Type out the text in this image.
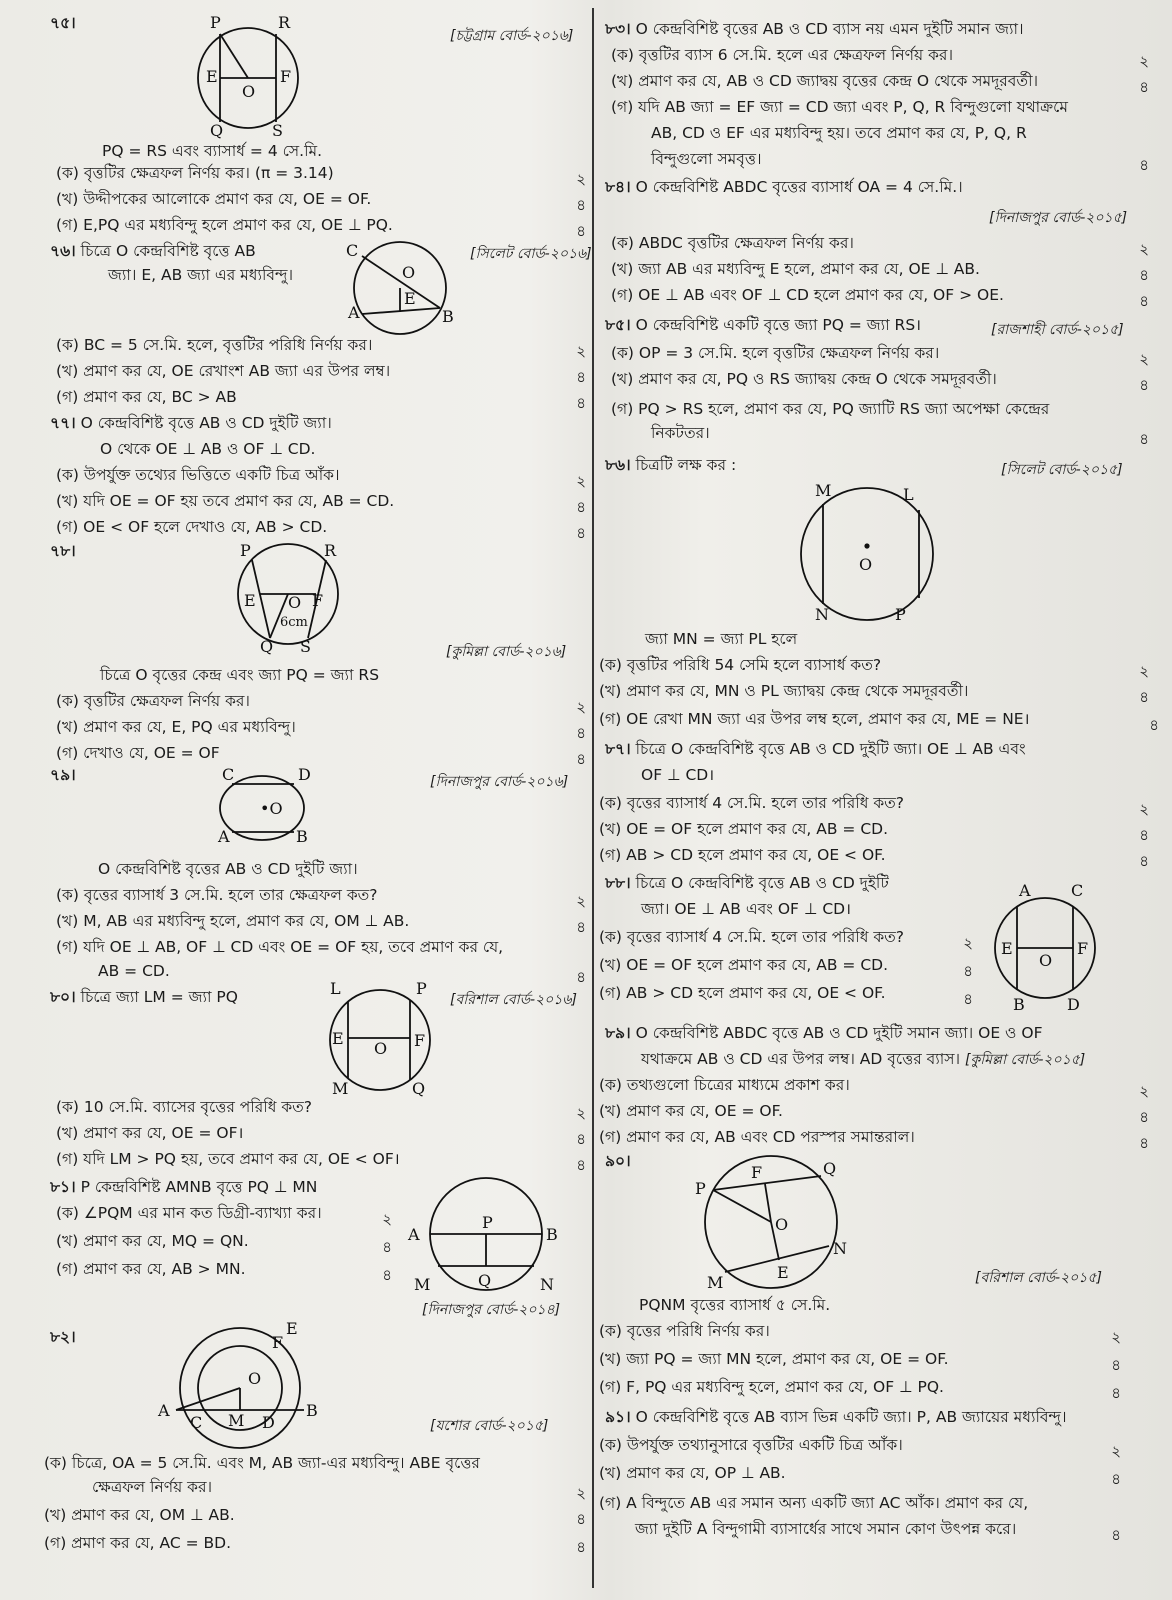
৭৫।
[চট্টগ্রাম বোর্ড-২০১৬]
P	R
E	F
O
Q	S
PQ = RS এবং ব্যাসার্ধ = 4 সে.মি.
(ক) বৃত্তটির ক্ষেত্রফল নির্ণয় কর। (π = 3.14)	২
(খ) উদ্দীপকের আলোকে প্রমাণ কর যে, OE = OF.	৪
(গ) E,PQ এর মধ্যবিন্দু হলে প্রমাণ কর যে, OE ⊥ PQ.	৪
৭৬। চিত্রে O কেন্দ্রবিশিষ্ট বৃত্তে AB
জ্যা। E, AB জ্যা এর মধ্যবিন্দু।
[সিলেট বোর্ড-২০১৬]
C
O
E
A	B
(ক) BC = 5 সে.মি. হলে, বৃত্তটির পরিধি নির্ণয় কর।	২
(খ) প্রমাণ কর যে, OE রেখাংশ AB জ্যা এর উপর লম্ব।	৪
(গ) প্রমাণ কর যে, BC > AB	৪
৭৭। O কেন্দ্রবিশিষ্ট বৃত্তে AB ও CD দুইটি জ্যা।
O থেকে OE ⊥ AB ও OF ⊥ CD.
(ক) উপর্যুক্ত তথ্যের ভিত্তিতে একটি চিত্র আঁক।	২
(খ) যদি OE = OF হয় তবে প্রমাণ কর যে, AB = CD.	৪
(গ) OE < OF হলে দেখাও যে, AB > CD.	৪
৭৮।	P	R
E O F
6cm
Q S	[কুমিল্লা বোর্ড-২০১৬]
চিত্রে O বৃত্তের কেন্দ্র এবং জ্যা PQ = জ্যা RS
(ক) বৃত্তটির ক্ষেত্রফল নির্ণয় কর।	২
(খ) প্রমাণ কর যে, E, PQ এর মধ্যবিন্দু।	৪
(গ) দেখাও যে, OE = OF	৪
৭৯।	[দিনাজপুর বোর্ড-২০১৬]
C	D
•O
A	B
O কেন্দ্রবিশিষ্ট বৃত্তের AB ও CD দুইটি জ্যা।
(ক) বৃত্তের ব্যাসার্ধ 3 সে.মি. হলে তার ক্ষেত্রফল কত?	২
(খ) M, AB এর মধ্যবিন্দু হলে, প্রমাণ কর যে, OM ⊥ AB.	৪
(গ) যদি OE ⊥ AB, OF ⊥ CD এবং OE = OF হয়, তবে প্রমাণ কর যে,
AB = CD.	৪
৮০। চিত্রে জ্যা LM = জ্যা PQ	[বরিশাল বোর্ড-২০১৬]
L	P
E
O F
M	Q
(ক) 10 সে.মি. ব্যাসের বৃত্তের পরিধি কত?	২
(খ) প্রমাণ কর যে, OE = OF।	৪
(গ) যদি LM > PQ হয়, তবে প্রমাণ কর যে, OE < OF।	৪
৮১। P কেন্দ্রবিশিষ্ট AMNB বৃত্তে PQ ⊥ MN
(ক) ∠PQM এর মান কত ডিগ্রী-ব্যাখ্যা কর।	২
(খ) প্রমাণ কর যে, MQ = QN.	৪
(গ) প্রমাণ কর যে, AB > MN.	৪
P
A	B
M	Q	N
[দিনাজপুর বোর্ড-২০১৪]
৮২।	E
F
O
A
C M D
B
[যশোর বোর্ড-২০১৫]
(ক) চিত্রে, OA = 5 সে.মি. এবং M, AB জ্যা-এর মধ্যবিন্দু। ABE বৃত্তের
ক্ষেত্রফল নির্ণয় কর।	২
(খ) প্রমাণ কর যে, OM ⊥ AB.	৪
(গ) প্রমাণ কর যে, AC = BD.	৪
৮৩। O কেন্দ্রবিশিষ্ট বৃত্তের AB ও CD ব্যাস নয় এমন দুইটি সমান জ্যা।
(ক) বৃত্তটির ব্যাস 6 সে.মি. হলে এর ক্ষেত্রফল নির্ণয় কর।	২
(খ) প্রমাণ কর যে, AB ও CD জ্যাদ্বয় বৃত্তের কেন্দ্র O থেকে সমদূরবর্তী।	৪
(গ) যদি AB জ্যা = EF জ্যা = CD জ্যা এবং P, Q, R বিন্দুগুলো যথাক্রমে
AB, CD ও EF এর মধ্যবিন্দু হয়। তবে প্রমাণ কর যে, P, Q, R
বিন্দুগুলো সমবৃত্ত।	৪
৮৪। O কেন্দ্রবিশিষ্ট ABDC বৃত্তের ব্যাসার্ধ OA = 4 সে.মি.।
[দিনাজপুর বোর্ড-২০১৫]
(ক) ABDC বৃত্তটির ক্ষেত্রফল নির্ণয় কর।	২
(খ) জ্যা AB এর মধ্যবিন্দু E হলে, প্রমাণ কর যে, OE ⊥ AB.	৪
(গ) OE ⊥ AB এবং OF ⊥ CD হলে প্রমাণ কর যে, OF > OE.	৪
৮৫। O কেন্দ্রবিশিষ্ট একটি বৃত্তে জ্যা PQ = জ্যা RS।	[রাজশাহী বোর্ড-২০১৫]
(ক) OP = 3 সে.মি. হলে বৃত্তটির ক্ষেত্রফল নির্ণয় কর।	২
(খ) প্রমাণ কর যে, PQ ও RS জ্যাদ্বয় কেন্দ্র O থেকে সমদূরবর্তী।	৪
(গ) PQ > RS হলে, প্রমাণ কর যে, PQ জ্যাটি RS জ্যা অপেক্ষা কেন্দ্রের
নিকটতর।	৪
৮৬। চিত্রটি লক্ষ কর :	[সিলেট বোর্ড-২০১৫]
M	L
O
N	P
জ্যা MN = জ্যা PL হলে
(ক) বৃত্তটির পরিধি 54 সেমি হলে ব্যাসার্ধ কত?	২
(খ) প্রমাণ কর যে, MN ও PL জ্যাদ্বয় কেন্দ্র থেকে সমদূরবর্তী।	৪
(গ) OE রেখা MN জ্যা এর উপর লম্ব হলে, প্রমাণ কর যে, ME = NE।	৪
৮৭। চিত্রে O কেন্দ্রবিশিষ্ট বৃত্তে AB ও CD দুইটি জ্যা। OE ⊥ AB এবং
OF ⊥ CD।
(ক) বৃত্তের ব্যাসার্ধ 4 সে.মি. হলে তার পরিধি কত?	২
(খ) OE = OF হলে প্রমাণ কর যে, AB = CD.	৪
(গ) AB > CD হলে প্রমাণ কর যে, OE < OF.	৪
৮৮। চিত্রে O কেন্দ্রবিশিষ্ট বৃত্তে AB ও CD দুইটি
জ্যা। OE ⊥ AB এবং OF ⊥ CD।
(ক) বৃত্তের ব্যাসার্ধ 4 সে.মি. হলে তার পরিধি কত?	২
(খ) OE = OF হলে প্রমাণ কর যে, AB = CD.	৪
(গ) AB > CD হলে প্রমাণ কর যে, OE < OF.	৪
A	C
E
O
F
B	D
৮৯। O কেন্দ্রবিশিষ্ট ABDC বৃত্তে AB ও CD দুইটি সমান জ্যা। OE ও OF
যথাক্রমে AB ও CD এর উপর লম্ব। AD বৃত্তের ব্যাস। [কুমিল্লা বোর্ড-২০১৫]
(ক) তথ্যগুলো চিত্রের মাধ্যমে প্রকাশ কর।	২
(খ) প্রমাণ কর যে, OE = OF.	৪
(গ) প্রমাণ কর যে, AB এবং CD পরস্পর সমান্তরাল।	৪
৯০।
F	Q
P
O
N
M
E	[বরিশাল বোর্ড-২০১৫]
PQNM বৃত্তের ব্যাসার্ধ ৫ সে.মি.
(ক) বৃত্তের পরিধি নির্ণয় কর।	২
(খ) জ্যা PQ = জ্যা MN হলে, প্রমাণ কর যে, OE = OF.	৪
(গ) F, PQ এর মধ্যবিন্দু হলে, প্রমাণ কর যে, OF ⊥ PQ.	৪
৯১। O কেন্দ্রবিশিষ্ট বৃত্তে AB ব্যাস ভিন্ন একটি জ্যা। P, AB জ্যায়ের মধ্যবিন্দু।
(ক) উপর্যুক্ত তথ্যানুসারে বৃত্তটির একটি চিত্র আঁক।	২
(খ) প্রমাণ কর যে, OP ⊥ AB.	৪
(গ) A বিন্দুতে AB এর সমান অন্য একটি জ্যা AC আঁক। প্রমাণ কর যে,
জ্যা দুইটি A বিন্দুগামী ব্যাসার্ধের সাথে সমান কোণ উৎপন্ন করে।	৪
